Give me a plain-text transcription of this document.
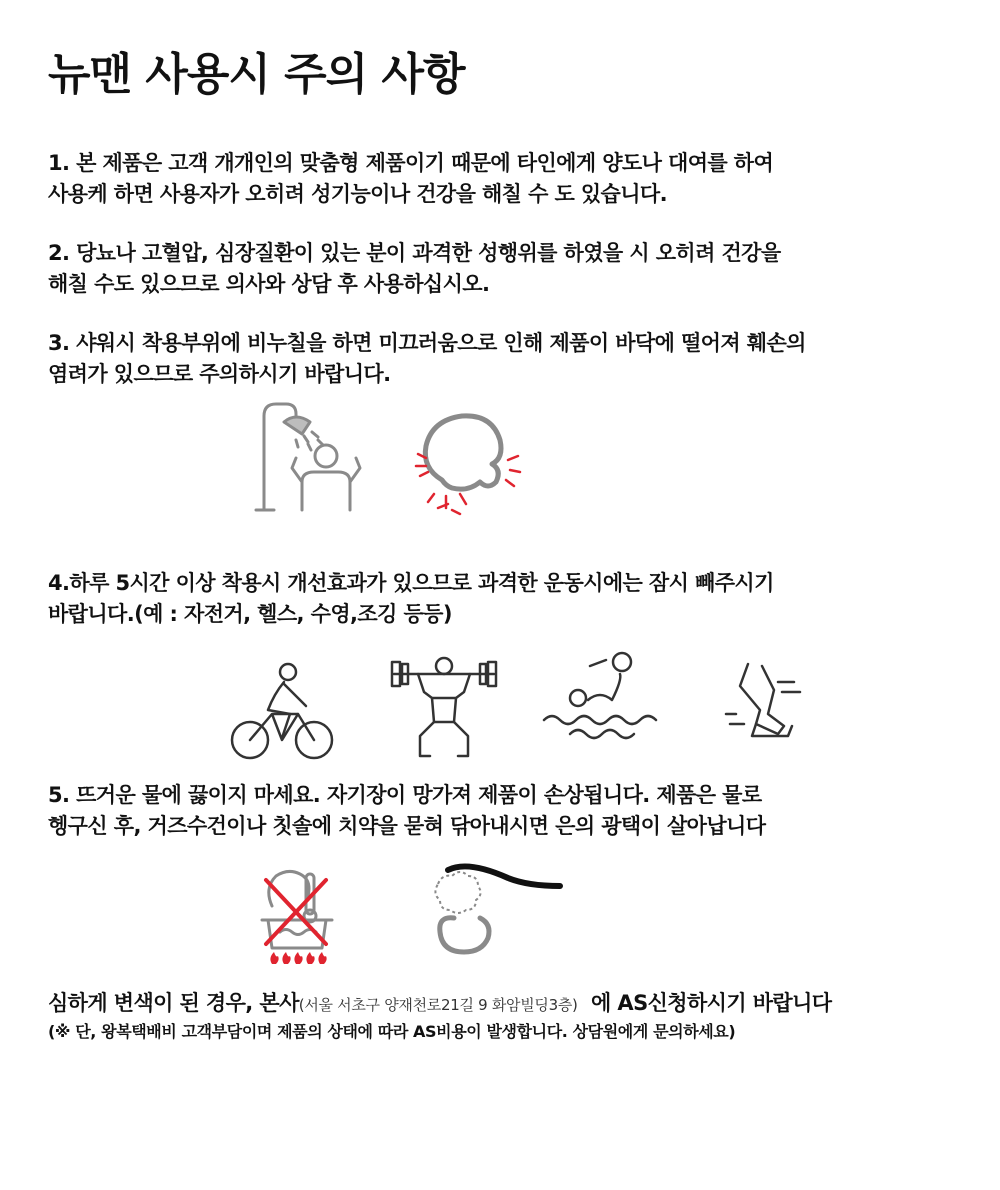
뉴맨 사용시 주의 사항
1. 본 제품은 고객 개개인의 맞춤형 제품이기 때문에 타인에게 양도나 대여를 하여
사용케 하면 사용자가 오히려 성기능이나 건강을 해칠 수 도 있습니다.
2. 당뇨나 고혈압, 심장질환이 있는 분이 과격한 성행위를 하였을 시 오히려 건강을
해칠 수도 있으므로 의사와 상담 후 사용하십시오.
3. 샤워시 착용부위에 비누칠을 하면 미끄러움으로 인해 제품이 바닥에 떨어져 훼손의
염려가 있으므로 주의하시기 바랍니다.
4.하루 5시간 이상 착용시 개선효과가 있으므로 과격한 운동시에는 잠시 빼주시기
바랍니다.(예 : 자전거, 헬스, 수영,조깅 등등)
5. 뜨거운 물에 끓이지 마세요. 자기장이 망가져 제품이 손상됩니다. 제품은 물로
헹구신 후, 거즈수건이나 칫솔에 치약을 묻혀 닦아내시면 은의 광택이 살아납니다
심하게 변색이 된 경우, 본사(서울 서초구 양재천로21길 9 화암빌딩3층)  에 AS신청하시기 바랍니다
(※ 단, 왕복택배비 고객부담이며 제품의 상태에 따라 AS비용이 발생합니다. 상담원에게 문의하세요)
